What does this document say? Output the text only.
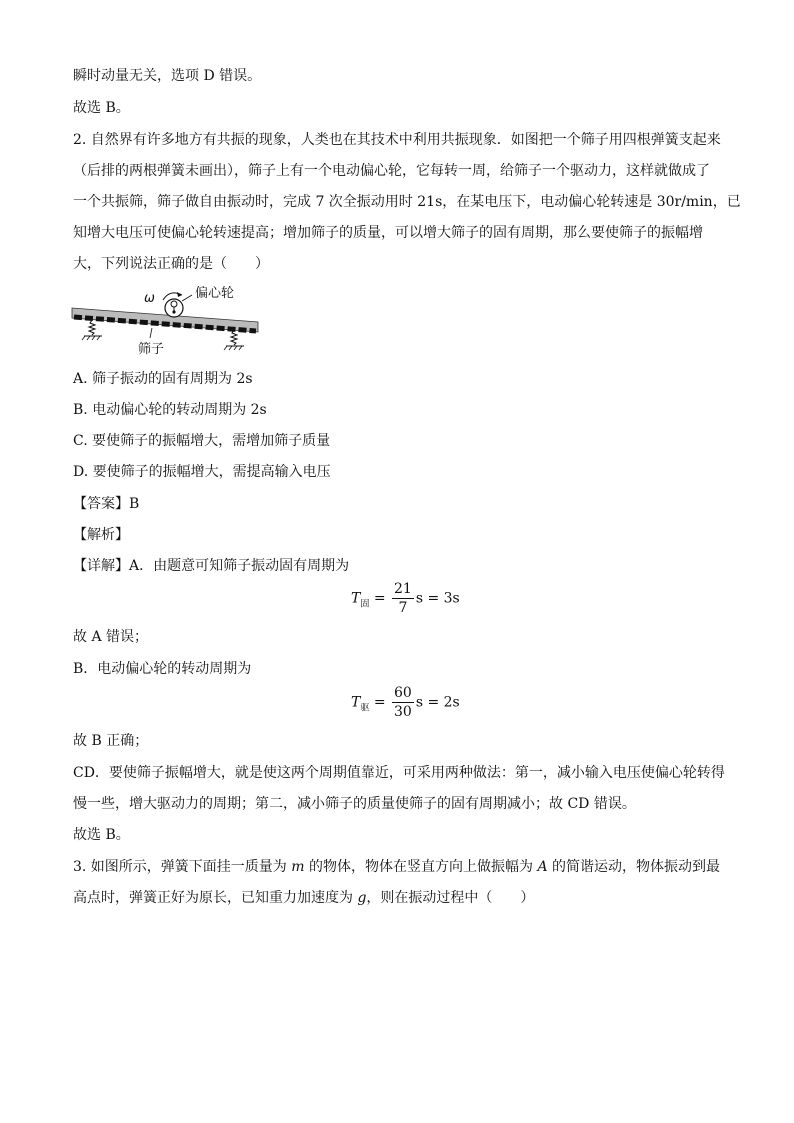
瞬时动量无关，选项 D 错误。
故选 B。
2. 自然界有许多地方有共振的现象，人类也在其技术中利用共振现象．如图把一个筛子用四根弹簧支起来
（后排的两根弹簧未画出），筛子上有一个电动偏心轮，它每转一周，给筛子一个驱动力，这样就做成了
一个共振筛，筛子做自由振动时，完成 7 次全振动用时 21s，在某电压下，电动偏心轮转速是 30r/min，已
知增大电压可使偏心轮转速提高；增加筛子的质量，可以增大筛子的固有周期，那么要使筛子的振幅增
大，下列说法正确的是（　　）
ω	偏心轮
筛子
A. 筛子振动的固有周期为 2s
B. 电动偏心轮的转动周期为 2s
C. 要使筛子的振幅增大，需增加筛子质量
D. 要使筛子的振幅增大，需提高输入电压
【答案】B
【解析】
【详解】A．由题意可知筛子振动固有周期为
$T_固 = \frac{21}{7}$ s = 3s
故 A 错误；
B．电动偏心轮的转动周期为
$T_驱 = \frac{60}{30}$ s = 2s
故 B 正确；
CD．要使筛子振幅增大，就是使这两个周期值靠近，可采用两种做法：第一，减小输入电压使偏心轮转得
慢一些，增大驱动力的周期；第二，减小筛子的质量使筛子的固有周期减小；故 CD 错误。
故选 B。
3. 如图所示，弹簧下面挂一质量为 m 的物体，物体在竖直方向上做振幅为 A 的简谐运动，物体振动到最
高点时，弹簧正好为原长，已知重力加速度为 g，则在振动过程中（　　）
